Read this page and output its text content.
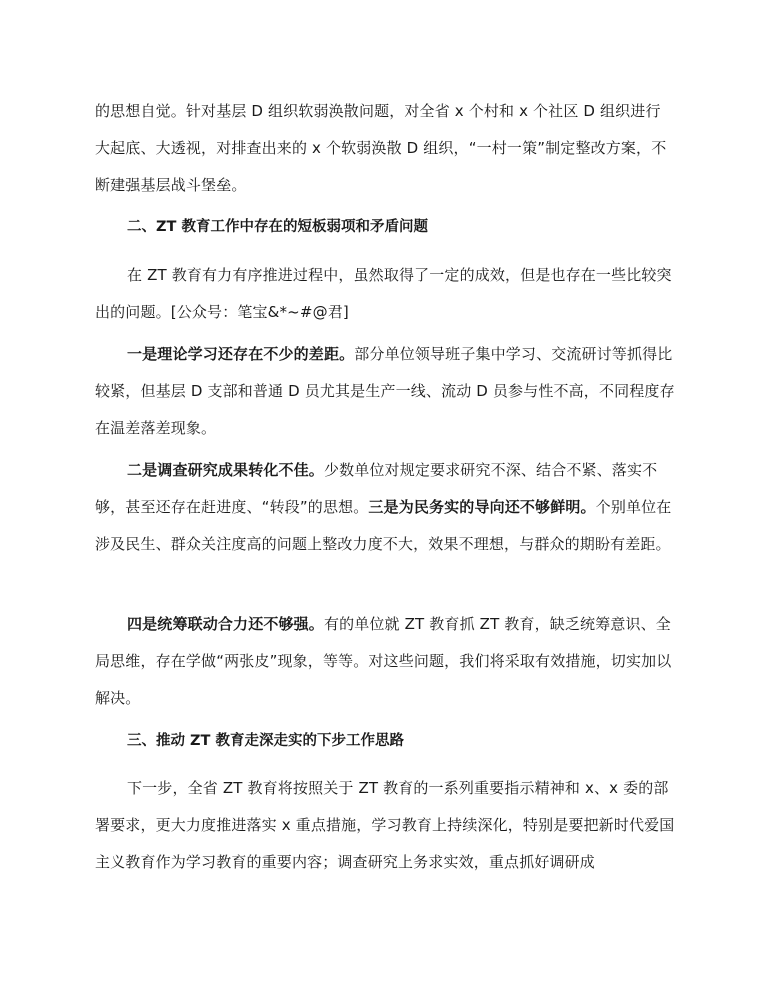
的思想自觉。针对基层 D 组织软弱涣散问题，对全省 x 个村和 x 个社区 D 组织进行大起底、大透视，对排查出来的 x 个软弱涣散 D 组织，“一村一策”制定整改方案，不断建强基层战斗堡垒。

二、ZT 教育工作中存在的短板弱项和矛盾问题

在 ZT 教育有力有序推进过程中，虽然取得了一定的成效，但是也存在一些比较突出的问题。[公众号：笔宝&*~#@君]

一是理论学习还存在不少的差距。部分单位领导班子集中学习、交流研讨等抓得比较紧，但基层 D 支部和普通 D 员尤其是生产一线、流动 D 员参与性不高，不同程度存在温差落差现象。

二是调查研究成果转化不佳。少数单位对规定要求研究不深、结合不紧、落实不够，甚至还存在赶进度、“转段”的思想。三是为民务实的导向还不够鲜明。个别单位在涉及民生、群众关注度高的问题上整改力度不大，效果不理想，与群众的期盼有差距。

四是统筹联动合力还不够强。有的单位就 ZT 教育抓 ZT 教育，缺乏统筹意识、全局思维，存在学做“两张皮”现象，等等。对这些问题，我们将采取有效措施，切实加以解决。

三、推动 ZT 教育走深走实的下步工作思路

下一步，全省 ZT 教育将按照关于 ZT 教育的一系列重要指示精神和 x、x 委的部署要求，更大力度推进落实 x 重点措施，学习教育上持续深化，特别是要把新时代爱国主义教育作为学习教育的重要内容；调查研究上务求实效，重点抓好调研成
